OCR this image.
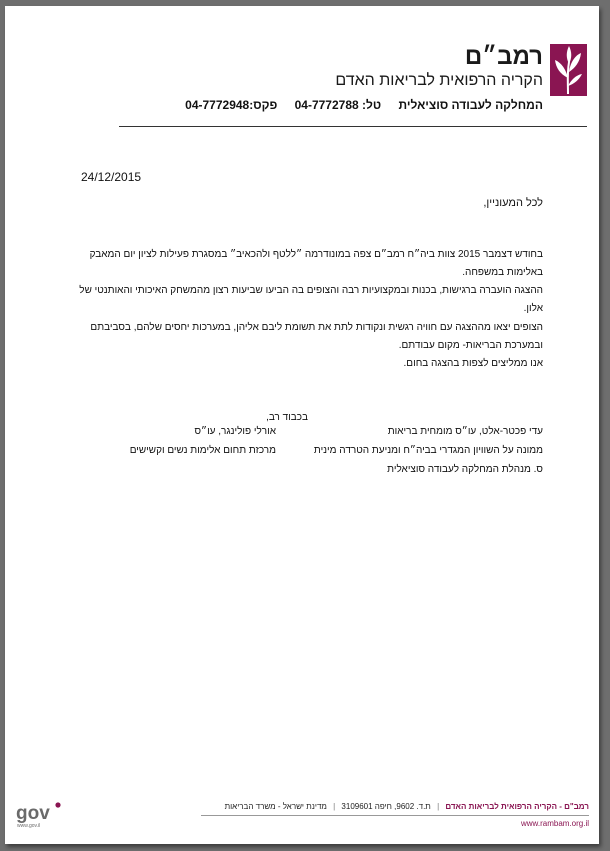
רמב״ם
הקריה הרפואית לבריאות האדם
המחלקה לעבודה סוציאלית טל: 04-7772788 פקס:04-7772948
24/12/2015
לכל המעוניין,
בחודש דצמבר 2015 צוות ביה״ח רמב״ם צפה במונודרמה ״ללטף ולהכאיב״ במסגרת פעילות לציון יום המאבק באלימות במשפחה.
ההצגה הועברה ברגישות, בכנות ובמקצועיות רבה והצופים בה הביעו שביעות רצון מהמשחק האיכותי והאותנטי של אלון.
הצופים יצאו מההצגה עם חוויה רגשית ונקודות לתת את תשומת ליבם אליהן, במערכות יחסים שלהם, בסביבתם ובמערכת הבריאות- מקום עבודתם.
אנו ממליצים לצפות בהצגה בחום.
בכבוד רב,
עדי פכטר-אלט, עו״ס מומחית בריאות
ממונה על השוויון המגדרי בביה״ח ומניעת הטרדה מינית
ס. מנהלת המחלקה לעבודה סוציאלית
אורלי פולינגר, עו״ס
מרכזת תחום אלימות נשים וקשישים
gov
www.gov.il
רמב"ם - הקריה הרפואית לבריאות האדם | ת.ד. 9602, חיפה 3109601 | מדינת ישראל - משרד הבריאות
www.rambam.org.il
